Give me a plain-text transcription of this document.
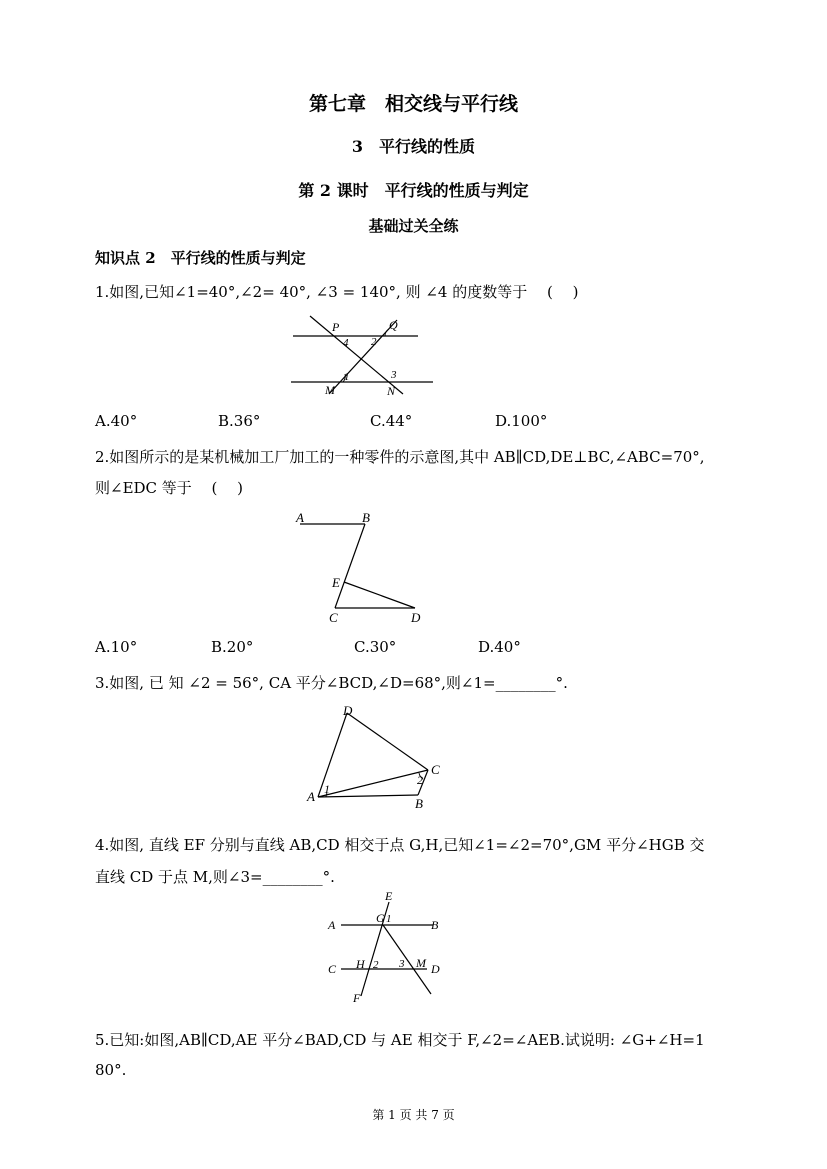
第七章　相交线与平行线
3　平行线的性质
第 2 课时　平行线的性质与判定
基础过关全练
知识点 2　平行线的性质与判定
1.如图,已知∠1=40°,∠2= 40°, ∠3 = 140°, 则 ∠4 的度数等于　 (　 )
P	Q
4 2
1	3
M	N
A.40°	B.36°	C.44°	D.100°
2.如图所示的是某机械加工厂加工的一种零件的示意图,其中 AB∥CD,DE⊥BC,∠ABC=70°,
则∠EDC 等于　 (　 )
A	B
E
C	D
A.10°	B.20°	C.30°	D.40°
3.如图, 已 知 ∠2 = 56°, CA 平分∠BCD,∠D=68°,则∠1=________°.
D
C
2
1
A	B
4.如图, 直线 EF 分别与直线 AB,CD 相交于点 G,H,已知∠1=∠2=70°,GM 平分∠HGB 交
直线 CD 于点 M,则∠3=________°.
E
G 1
A	B
C H 2 3 M D
F
5.已知:如图,AB∥CD,AE 平分∠BAD,CD 与 AE 相交于 F,∠2=∠AEB.试说明: ∠G+∠H=1
80°.
第 1 页 共 7 页
